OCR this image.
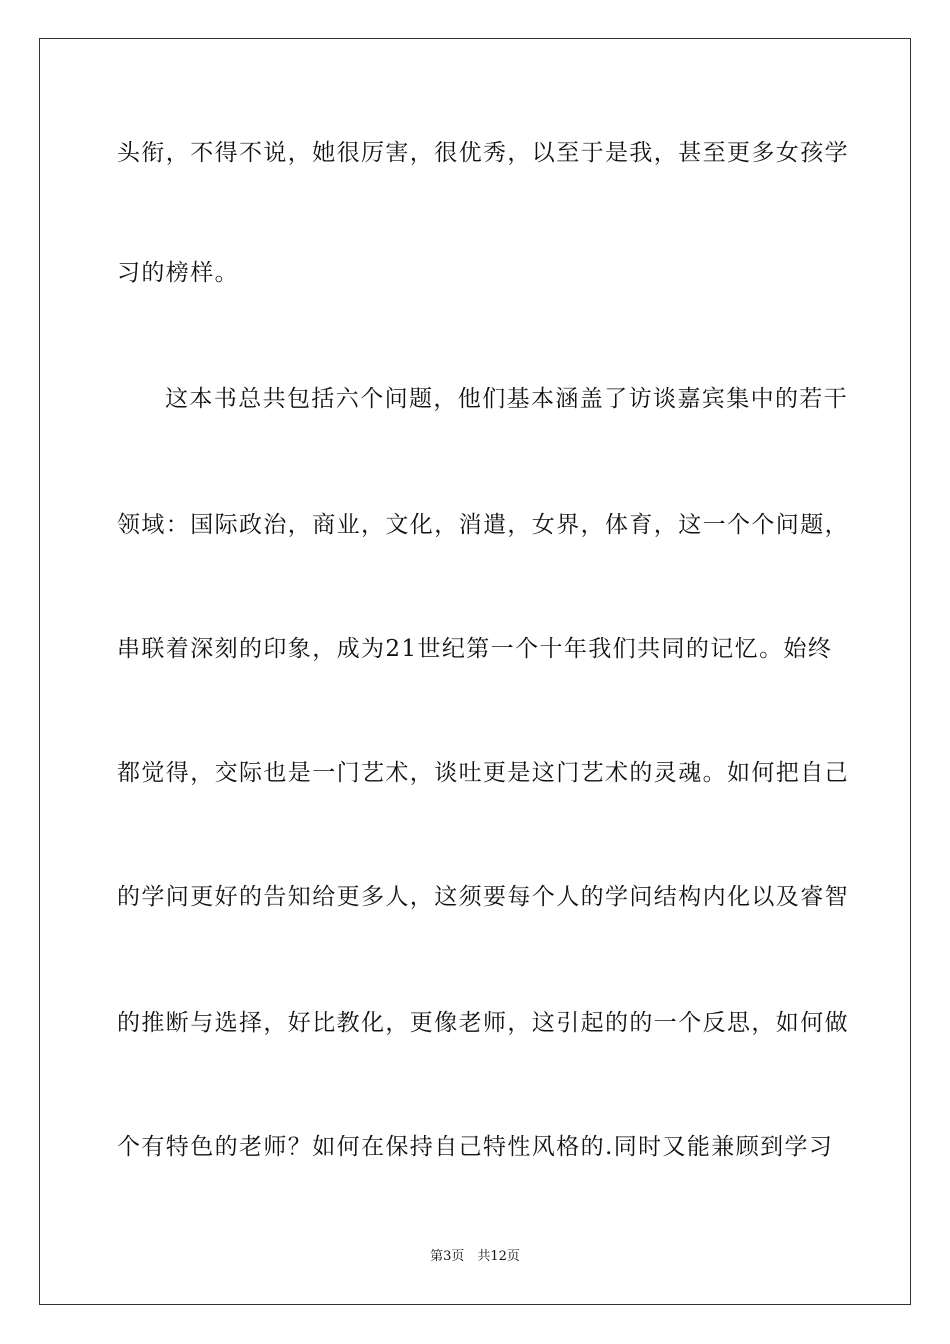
头衔，不得不说，她很厉害，很优秀，以至于是我，甚至更多女孩学
习的榜样。
这本书总共包括六个问题，他们基本涵盖了访谈嘉宾集中的若干
领域：国际政治，商业，文化，消遣，女界，体育，这一个个问题，
串联着深刻的印象，成为21世纪第一个十年我们共同的记忆。始终
都觉得，交际也是一门艺术，谈吐更是这门艺术的灵魂。如何把自己
的学问更好的告知给更多人，这须要每个人的学问结构内化以及睿智
的推断与选择，好比教化，更像老师，这引起的的一个反思，如何做
个有特色的老师？如何在保持自己特性风格的.同时又能兼顾到学习
第3页　共12页
